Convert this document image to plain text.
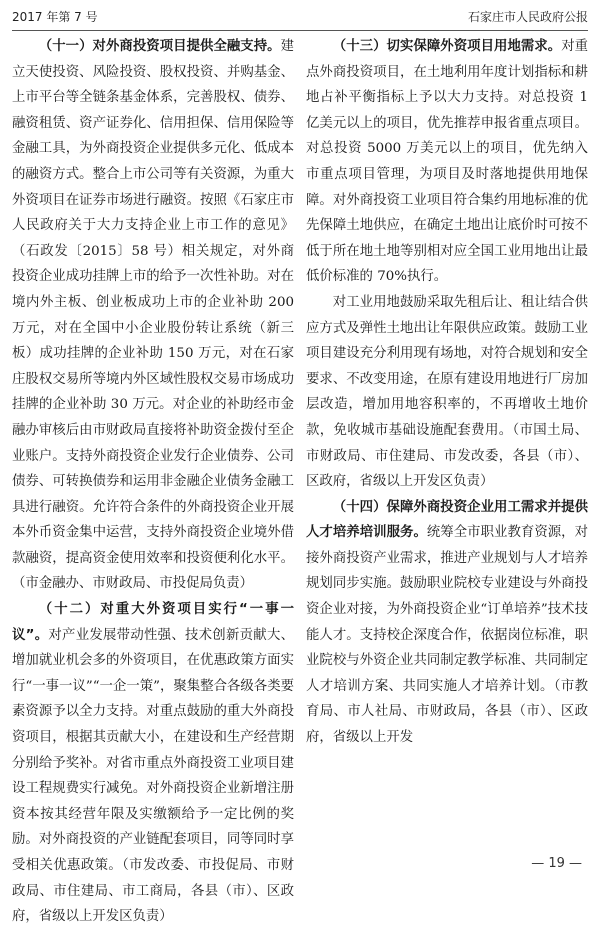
2017 年第 7 号	石家庄市人民政府公报

（十一）对外商投资项目提供全融支持。建立天使投资、风险投资、股权投资、并购基金、上市平台等全链条基金体系，完善股权、债券、融资租赁、资产证券化、信用担保、信用保险等金融工具，为外商投资企业提供多元化、低成本的融资方式。整合上市公司等有关资源，为重大外资项目在证券市场进行融资。按照《石家庄市人民政府关于大力支持企业上市工作的意见》（石政发〔2015〕58 号）相关规定，对外商投资企业成功挂牌上市的给予一次性补助。对在境内外主板、创业板成功上市的企业补助 200 万元，对在全国中小企业股份转让系统（新三板）成功挂牌的企业补助 150 万元，对在石家庄股权交易所等境内外区域性股权交易市场成功挂牌的企业补助 30 万元。对企业的补助经市金融办审核后由市财政局直接将补助资金拨付至企业账户。支持外商投资企业发行企业债券、公司债券、可转换债券和运用非金融企业债务金融工具进行融资。允许符合条件的外商投资企业开展本外币资金集中运营，支持外商投资企业境外借款融资，提高资金使用效率和投资便利化水平。（市金融办、市财政局、市投促局负责）

（十二）对重大外资项目实行“一事一议”。对产业发展带动性强、技术创新贡献大、增加就业机会多的外资项目，在优惠政策方面实行“一事一议”“一企一策”，聚集整合各级各类要素资源予以全力支持。对重点鼓励的重大外商投资项目，根据其贡献大小，在建设和生产经营期分别给予奖补。对省市重点外商投资工业项目建设工程规费实行减免。对外商投资企业新增注册资本按其经营年限及实缴额给予一定比例的奖励。对外商投资的产业链配套项目，同等同时享受相关优惠政策。（市发改委、市投促局、市财政局、市住建局、市工商局，各县（市）、区政府，省级以上开发区负责）

（十三）切实保障外资项目用地需求。对重点外商投资项目，在土地利用年度计划指标和耕地占补平衡指标上予以大力支持。对总投资 1 亿美元以上的项目，优先推荐申报省重点项目。对总投资 5000 万美元以上的项目，优先纳入市重点项目管理，为项目及时落地提供用地保障。对外商投资工业项目符合集约用地标准的优先保障土地供应，在确定土地出让底价时可按不低于所在地土地等别相对应全国工业用地出让最低价标准的 70%执行。

对工业用地鼓励采取先租后让、租让结合供应方式及弹性土地出让年限供应政策。鼓励工业项目建设充分利用现有场地，对符合规划和安全要求、不改变用途，在原有建设用地进行厂房加层改造，增加用地容积率的，不再增收土地价款，免收城市基础设施配套费用。（市国土局、市财政局、市住建局、市发改委，各县（市）、区政府，省级以上开发区负责）

（十四）保障外商投资企业用工需求并提供人才培养培训服务。统筹全市职业教育资源，对接外商投资产业需求，推进产业规划与人才培养规划同步实施。鼓励职业院校专业建设与外商投资企业对接，为外商投资企业“订单培养”技术技能人才。支持校企深度合作，依据岗位标准，职业院校与外资企业共同制定教学标准、共同制定人才培训方案、共同实施人才培养计划。（市教育局、市人社局、市财政局，各县（市）、区政府，省级以上开发

— 19 —
